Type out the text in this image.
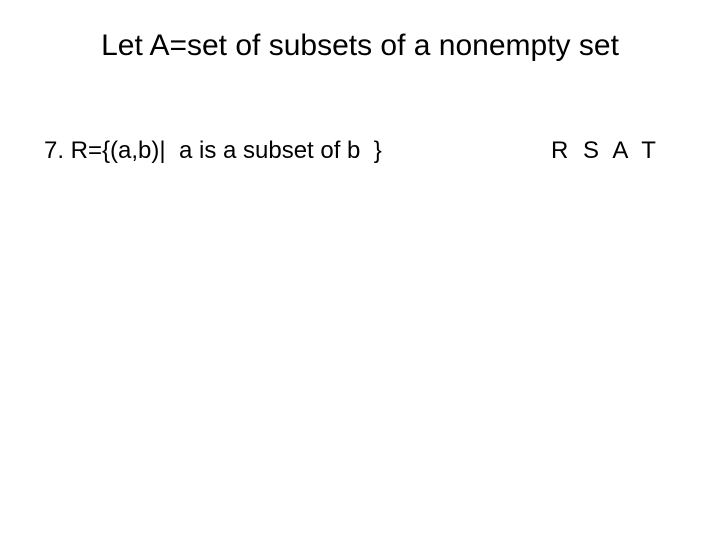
Let A=set of subsets of a nonempty set
7. R={(a,b)|  a is a subset of b  }	R S A T
